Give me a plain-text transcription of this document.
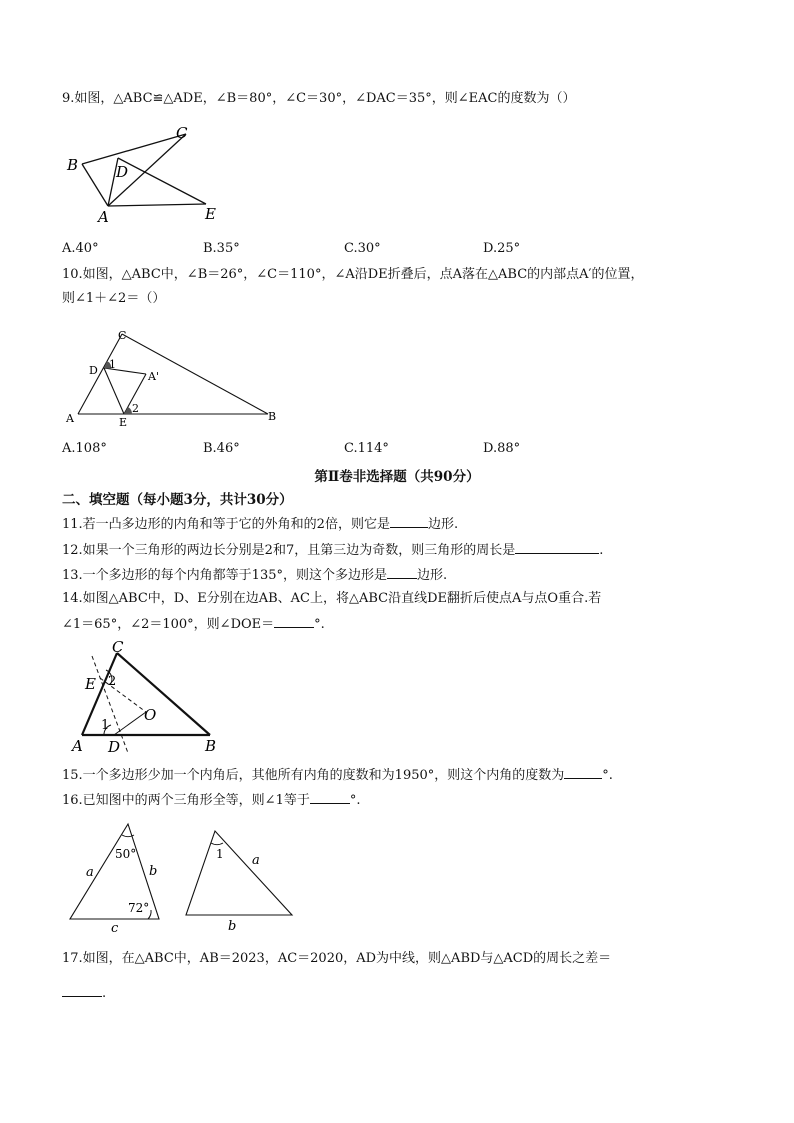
9.如图，△ABC≌△ADE，∠B＝80°，∠C＝30°，∠DAC＝35°，则∠EAC的度数为（）
B
C
D
A	E
A.40°	B.35°	C.30°	D.25°
10.如图，△ABC中，∠B＝26°，∠C＝110°，∠A沿DE折叠后，点A落在△ABC的内部点A′的位置，
则∠1＋∠2＝（）
C
D 1
A'
A	E
2
B
A.108°	B.46°	C.114°	D.88°
第Ⅱ卷非选择题（共90分）
二、填空题（每小题3分，共计30分）
11.若一凸多边形的内角和等于它的外角和的2倍，则它是	边形.
12.如果一个三角形的两边长分别是2和7，且第三边为奇数，则三角形的周长是	.
13.一个多边形的每个内角都等于135°，则这个多边形是 边形.
14.如图△ABC中，D、E分别在边AB、AC上，将△ABC沿直线DE翻折后使点A与点O重合.若
∠1＝65°，∠2＝100°，则∠DOE＝	°.
C
E 2
1
O
A D	B
15.一个多边形少加一个内角后，其他所有内角的度数和为1950°，则这个内角的度数为	°.
16.已知图中的两个三角形全等，则∠1等于	°.
50°
72°
a	b
c
1 a
b
17.如图，在△ABC中，AB＝2023，AC＝2020，AD为中线，则△ABD与△ACD的周长之差＝
.
